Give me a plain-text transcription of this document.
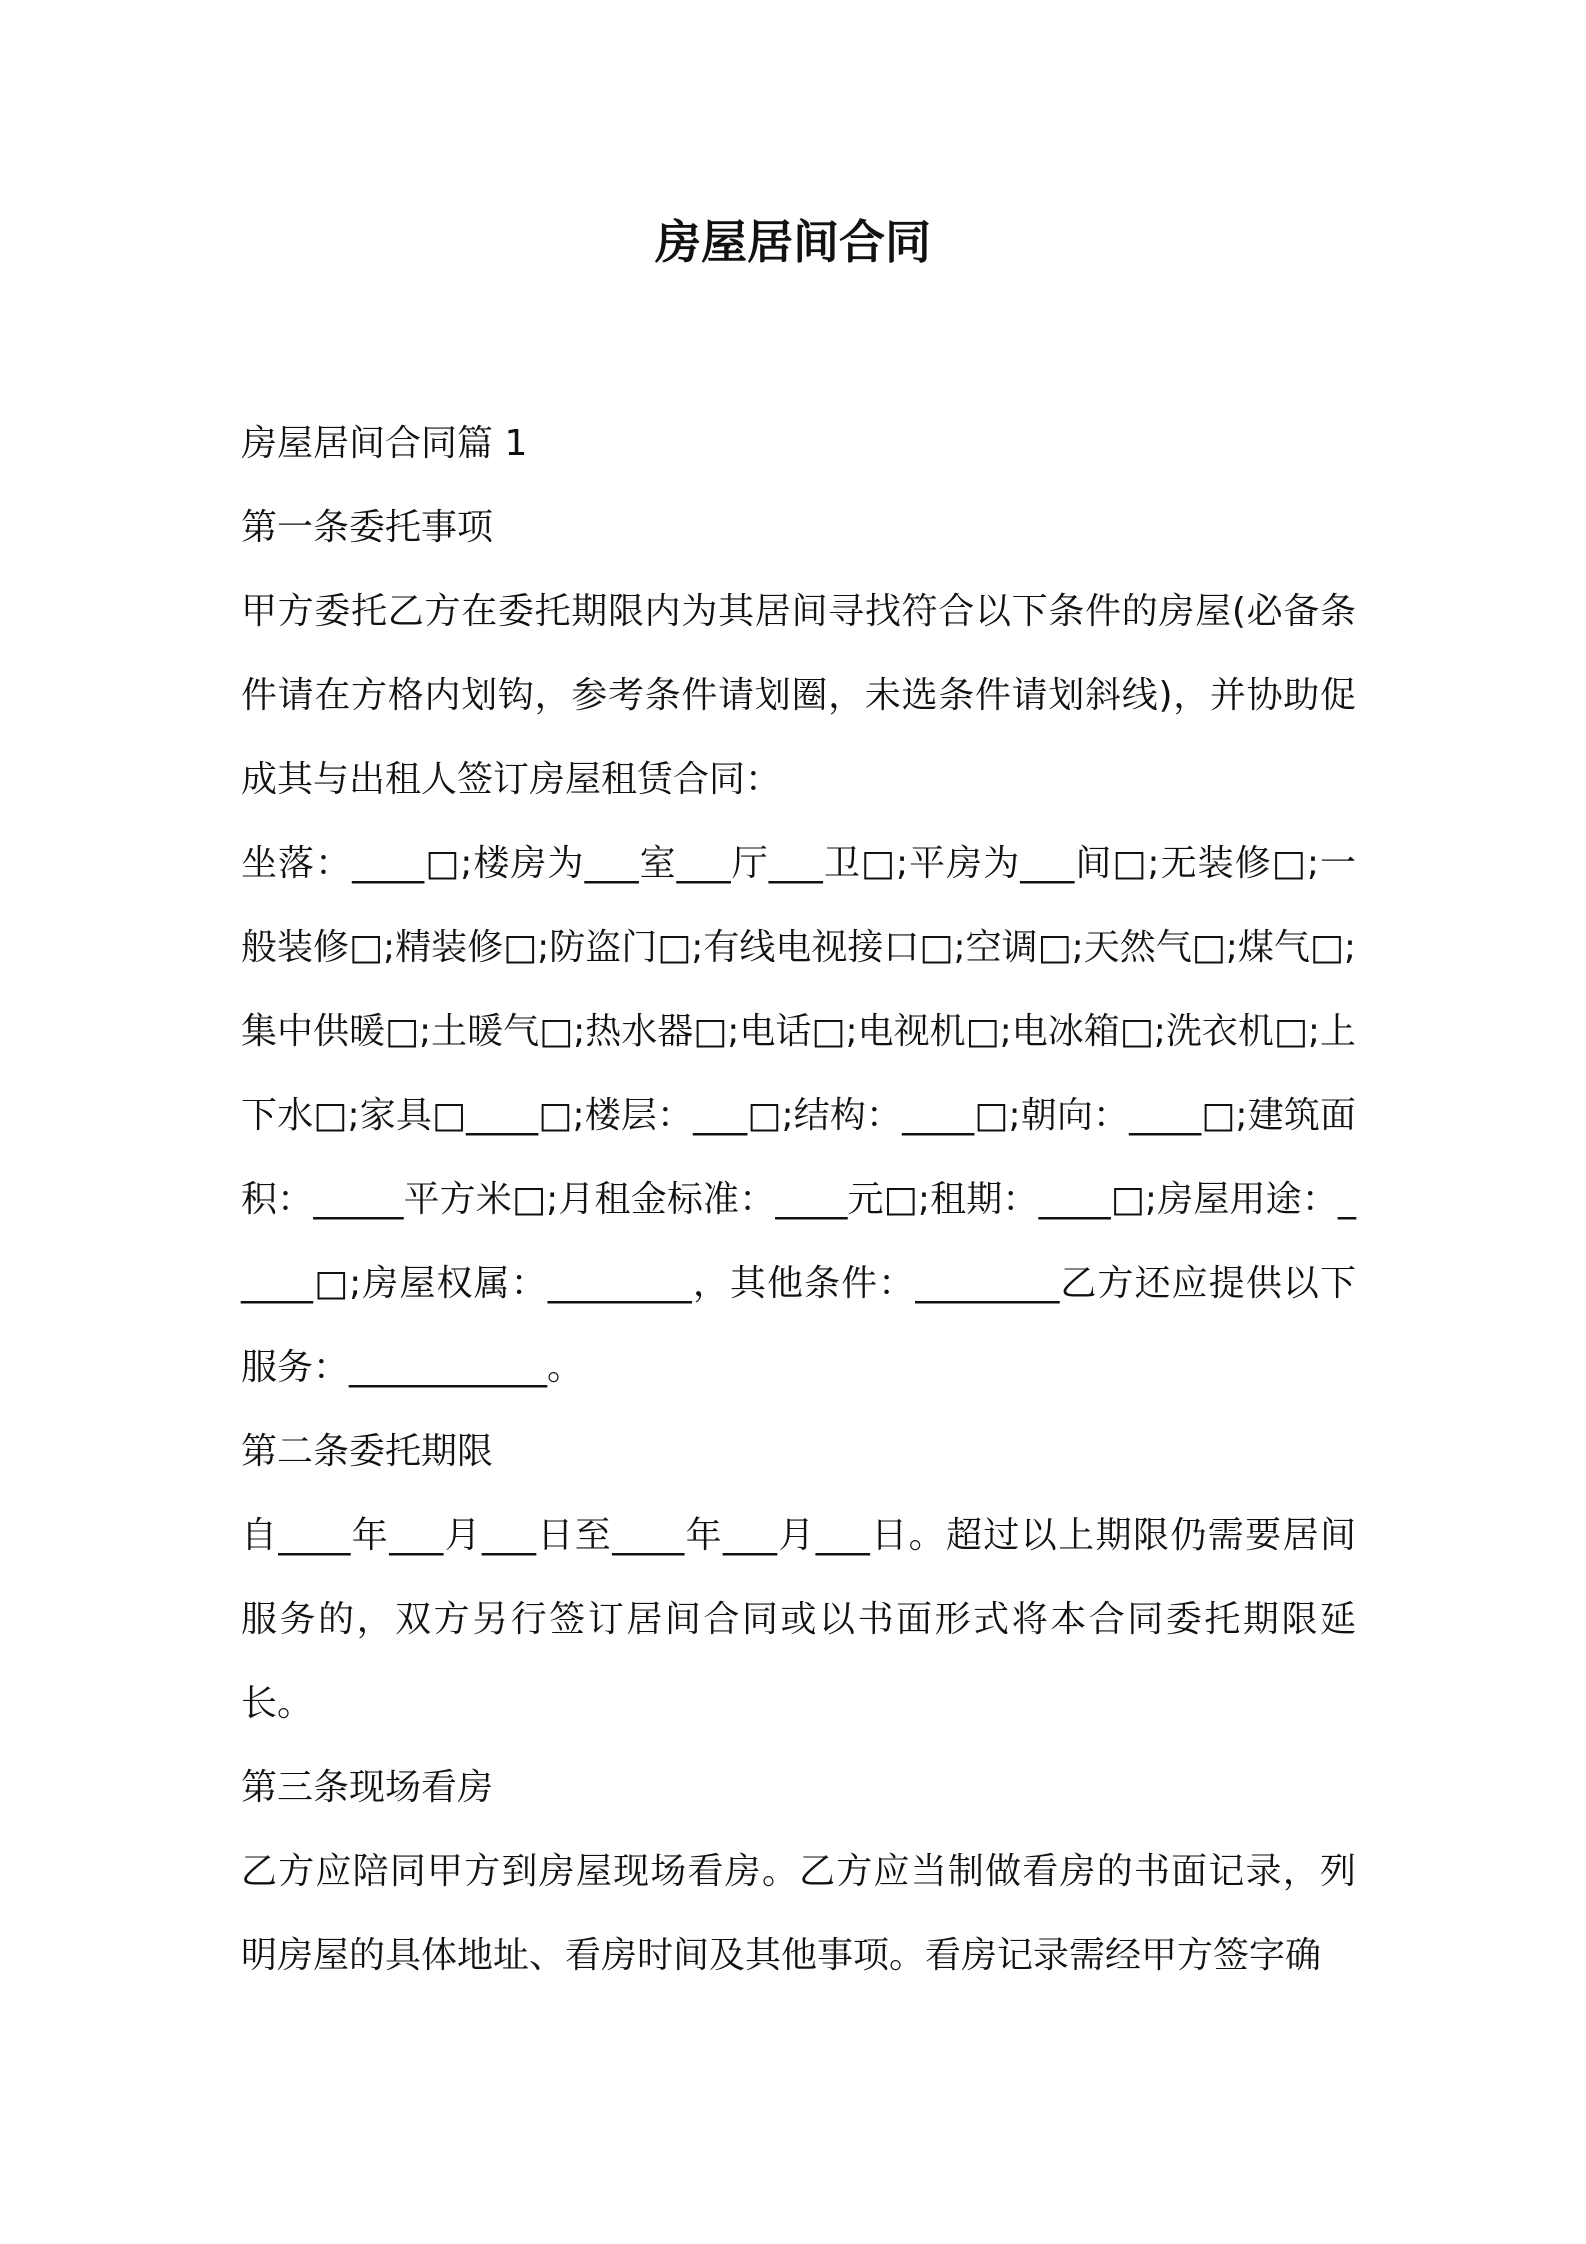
房屋居间合同

房屋居间合同篇 1

第一条委托事项

甲方委托乙方在委托期限内为其居间寻找符合以下条件的房屋(必备条件请在方格内划钩，参考条件请划圈，未选条件请划斜线)，并协助促成其与出租人签订房屋租赁合同：

坐落：____□;楼房为___室___厅___卫□;平房为___间□;无装修□;一般装修□;精装修□;防盗门□;有线电视接口□;空调□;天然气□;煤气□;集中供暖□;土暖气□;热水器□;电话□;电视机□;电冰箱□;洗衣机□;上下水□;家具□____□;楼层：___□;结构：____□;朝向：____□;建筑面积：_____平方米□;月租金标准：____元□;租期：____□;房屋用途：_____□;房屋权属：________，其他条件：________乙方还应提供以下服务：___________。

第二条委托期限

自____年___月___日至____年___月___日。超过以上期限仍需要居间服务的，双方另行签订居间合同或以书面形式将本合同委托期限延长。

第三条现场看房

乙方应陪同甲方到房屋现场看房。乙方应当制做看房的书面记录，列明房屋的具体地址、看房时间及其他事项。看房记录需经甲方签字确
